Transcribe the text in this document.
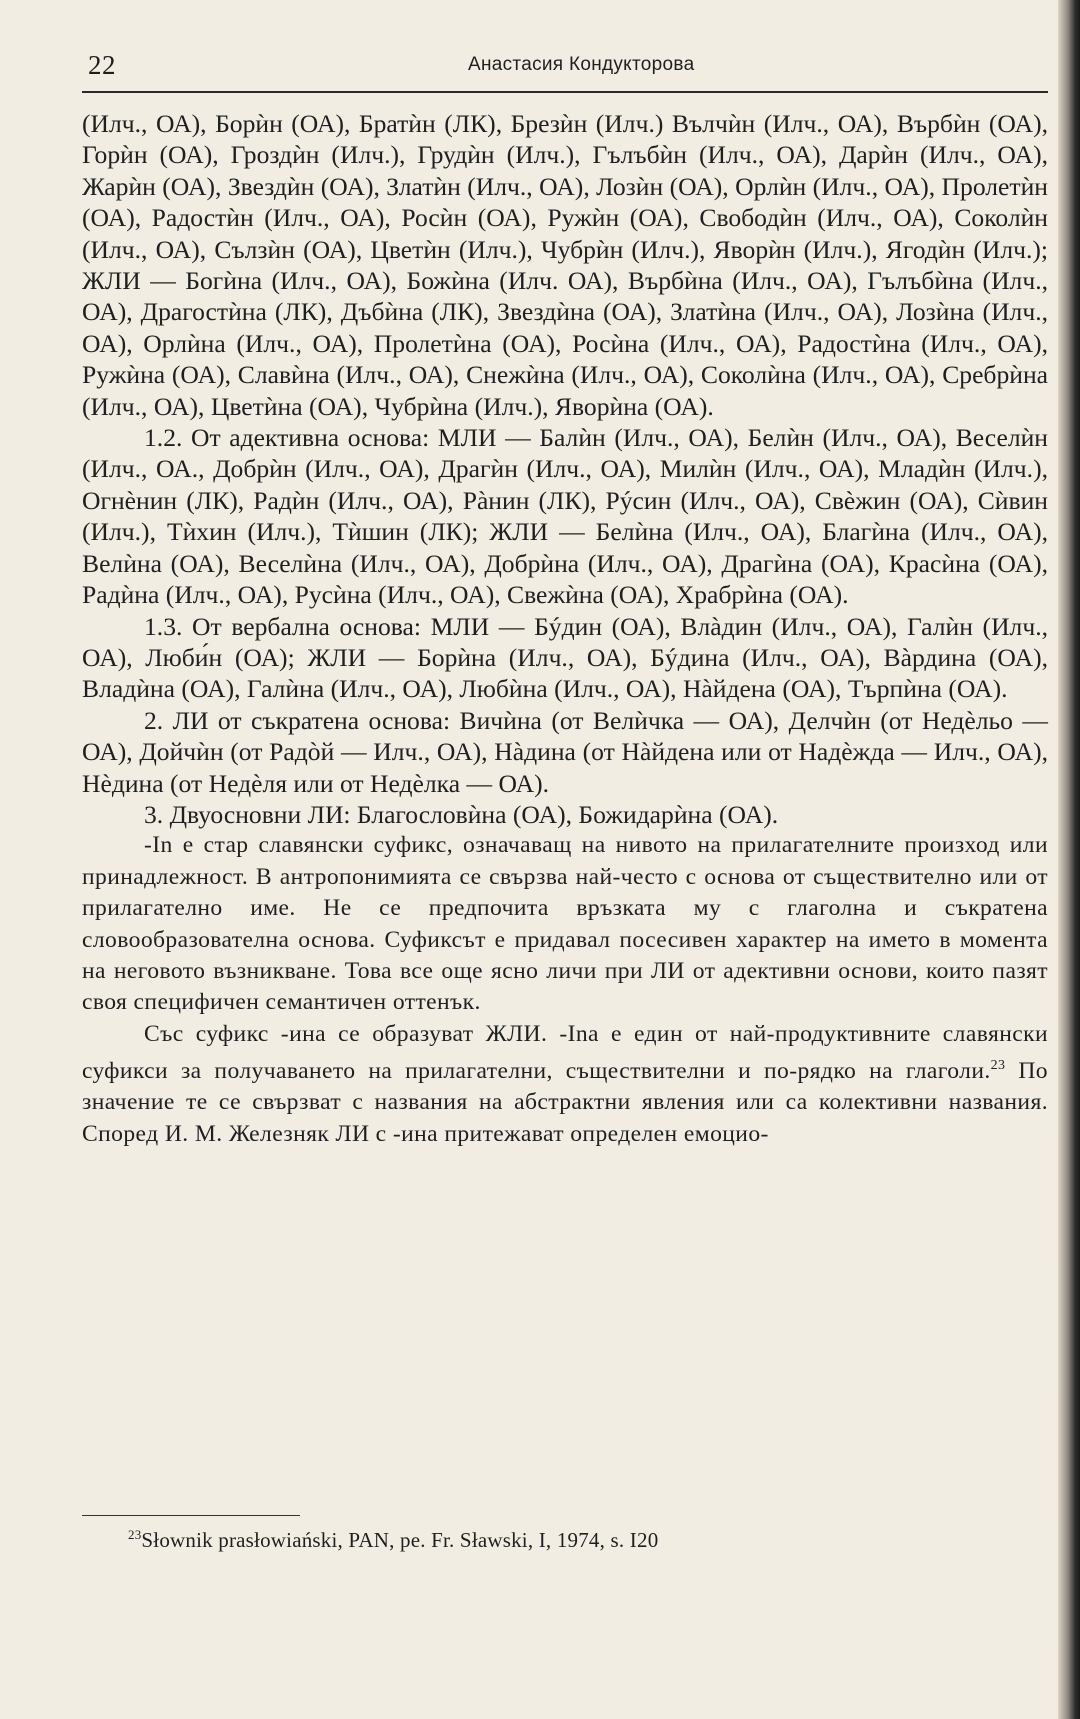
22	Анастасия Кондукторова

(Илч., ОА), Борѝн (ОА), Братѝн (ЛК), Брезѝн (Илч.) Вълчѝн (Илч., ОА), Върбѝн (ОА), Горѝн (ОА), Гроздѝн (Илч.), Грудѝн (Илч.), Гълъбѝн (Илч., ОА), Дарѝн (Илч., ОА), Жарѝн (ОА), Звездѝн (ОА), Златѝн (Илч., ОА), Лозѝн (ОА), Орлѝн (Илч., ОА), Пролетѝн (ОА), Радостѝн (Илч., ОА), Росѝн (ОА), Ружѝн (ОА), Свободѝн (Илч., ОА), Соколѝн (Илч., ОА), Сълзѝн (ОА), Цветѝн (Илч.), Чубрѝн (Илч.), Яворѝн (Илч.), Ягодѝн (Илч.); ЖЛИ — Богѝна (Илч., ОА), Божѝна (Илч. ОА), Върбѝна (Илч., ОА), Гълъбѝна (Илч., ОА), Драгостѝна (ЛК), Дъбѝна (ЛК), Звездѝна (ОА), Златѝна (Илч., ОА), Лозѝна (Илч., ОА), Орлѝна (Илч., ОА), Пролетѝна (ОА), Росѝна (Илч., ОА), Радостѝна (Илч., ОА), Ружѝна (ОА), Славѝна (Илч., ОА), Снежѝна (Илч., ОА), Соколѝна (Илч., ОА), Сребрѝна (Илч., ОА), Цветѝна (ОА), Чубрѝна (Илч.), Яворѝна (ОА).

1.2. От адективна основа: МЛИ — Балѝн (Илч., ОА), Белѝн (Илч., ОА), Веселѝн (Илч., ОА., Добрѝн (Илч., ОА), Драгѝн (Илч., ОА), Милѝн (Илч., ОА), Младѝн (Илч.), Огнѐнин (ЛК), Радѝн (Илч., ОА), Рàнин (ЛК), Рýсин (Илч., ОА), Свèжин (ОА), Сѝвин (Илч.), Тѝхин (Илч.), Тѝшин (ЛК); ЖЛИ — Белѝна (Илч., ОА), Благѝна (Илч., ОА), Велѝна (ОА), Веселѝна (Илч., ОА), Добрѝна (Илч., ОА), Драгѝна (ОА), Красѝна (ОА), Радѝна (Илч., ОА), Русѝна (Илч., ОА), Свежѝна (ОА), Храбрѝна (ОА).

1.3. От вербална основа: МЛИ — Бýдин (ОА), Влàдин (Илч., ОА), Галѝн (Илч., ОА), Люби́н (ОА); ЖЛИ — Борѝна (Илч., ОА), Бýдина (Илч., ОА), Вàрдина (ОА), Владѝна (ОА), Галѝна (Илч., ОА), Любѝна (Илч., ОА), Нàйдена (ОА), Търпѝна (ОА).

2. ЛИ от съкратена основа: Вичѝна (от Велѝчка — ОА), Делчѝн (от Недѐльо — ОА), Дойчѝн (от Радòй — Илч., ОА), Нàдина (от Нàйдена или от Надѐжда — Илч., ОА), Нѐдина (от Недѐля или от Недѐлка — ОА).

3. Двуосновни ЛИ: Благословѝна (ОА), Божидарѝна (ОА).

-In е стар славянски суфикс, означаващ на нивото на прилагателните произход или принадлежност. В антропонимията се свързва най-често с основа от съществително или от прилагателно име. Не се предпочита връзката му с глаголна и съкратена словообразователна основа. Суфиксът е придавал посесивен характер на името в момента на неговото възникване. Това все още ясно личи при ЛИ от адективни основи, които пазят своя специфичен семантичен оттенък.

Със суфикс -ина се образуват ЖЛИ. -Ina е един от най-продуктивните славянски суфикси за получаването на прилагателни, съществителни и по-рядко на глаголи.$^{23}$ По значение те се свързват с названия на абстрактни явления или са колективни названия. Според И. М. Железняк ЛИ с -ина притежават определен емоцио-

$^{23}$Słownik prasłowiański, PAN, ре. Fr. Sławski, I, 1974, s. I20
